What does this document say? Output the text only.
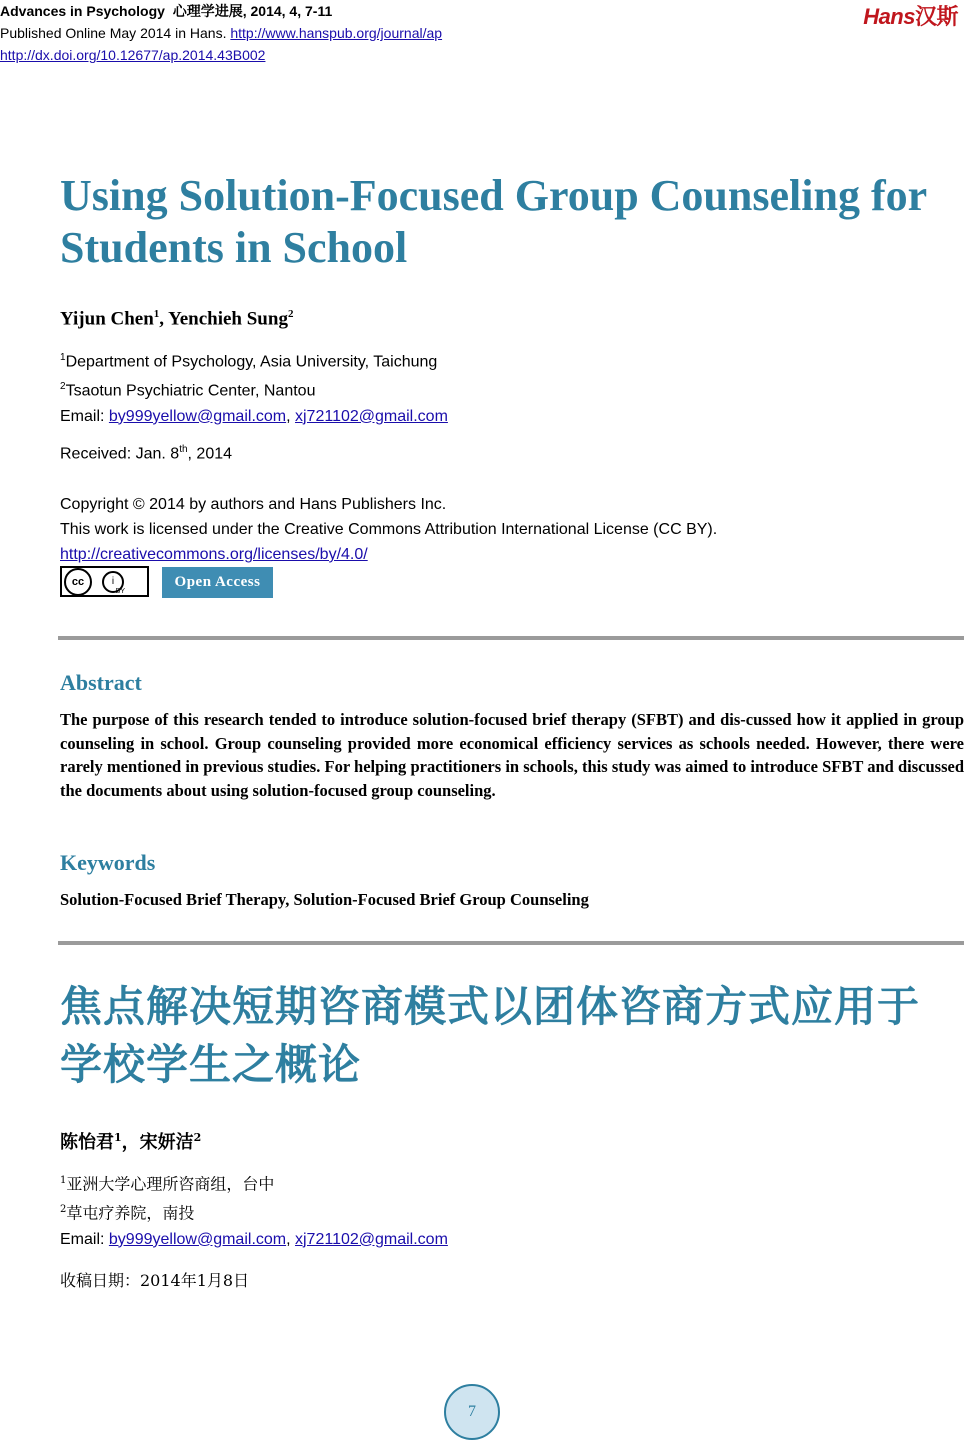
Advances in Psychology 心理学进展, 2014, 4, 7-11
Published Online May 2014 in Hans. http://www.hanspub.org/journal/ap
http://dx.doi.org/10.12677/ap.2014.43B002
Hans汉斯
Using Solution-Focused Group Counseling for Students in School
Yijun Chen$^1$, Yenchieh Sung$^2$
$^1$Department of Psychology, Asia University, Taichung
$^2$Tsaotun Psychiatric Center, Nantou
Email: by999yellow@gmail.com, xj721102@gmail.com
Received: Jan. 8th, 2014
Copyright © 2014 by authors and Hans Publishers Inc.
This work is licensed under the Creative Commons Attribution International License (CC BY).
http://creativecommons.org/licenses/by/4.0/
cc	i
BY
Open Access
Abstract
The purpose of this research tended to introduce solution-focused brief therapy (SFBT) and dis-cussed how it applied in group counseling in school. Group counseling provided more economical efficiency services as schools needed. However, there were rarely mentioned in previous studies. For helping practitioners in schools, this study was aimed to introduce SFBT and discussed the documents about using solution-focused group counseling.
Keywords
Solution-Focused Brief Therapy, Solution-Focused Brief Group Counseling
焦点解决短期咨商模式以团体咨商方式应用于学校学生之概论
陈怡君$^1$，宋妍洁$^2$
$^1$亚洲大学心理所咨商组，台中
$^2$草屯疗养院，南投
Email: by999yellow@gmail.com, xj721102@gmail.com
收稿日期：2014年1月8日
7
